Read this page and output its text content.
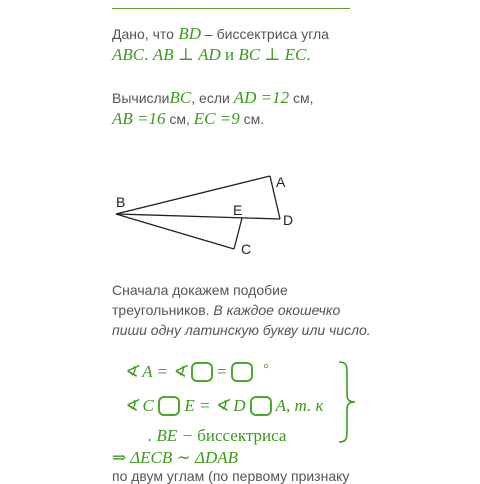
Дано, что BD – биссектриса угла
ABC. AB ⊥ AD и BC ⊥ EC.
ВычислиBC, если AD =12 см,
AB =16 см, EC =9 см.
B
A
E
D
C
Сначала докажем подобие
треугольников. В каждое окошечко
пиши одну латинскую букву или число.
∢ A = ∢  =  °
∢ C  E = ∢ D  A, т. к
. BE − биссектриса
⇒ ΔECB ∼ ΔDAB
по двум углам (по первому признаку
